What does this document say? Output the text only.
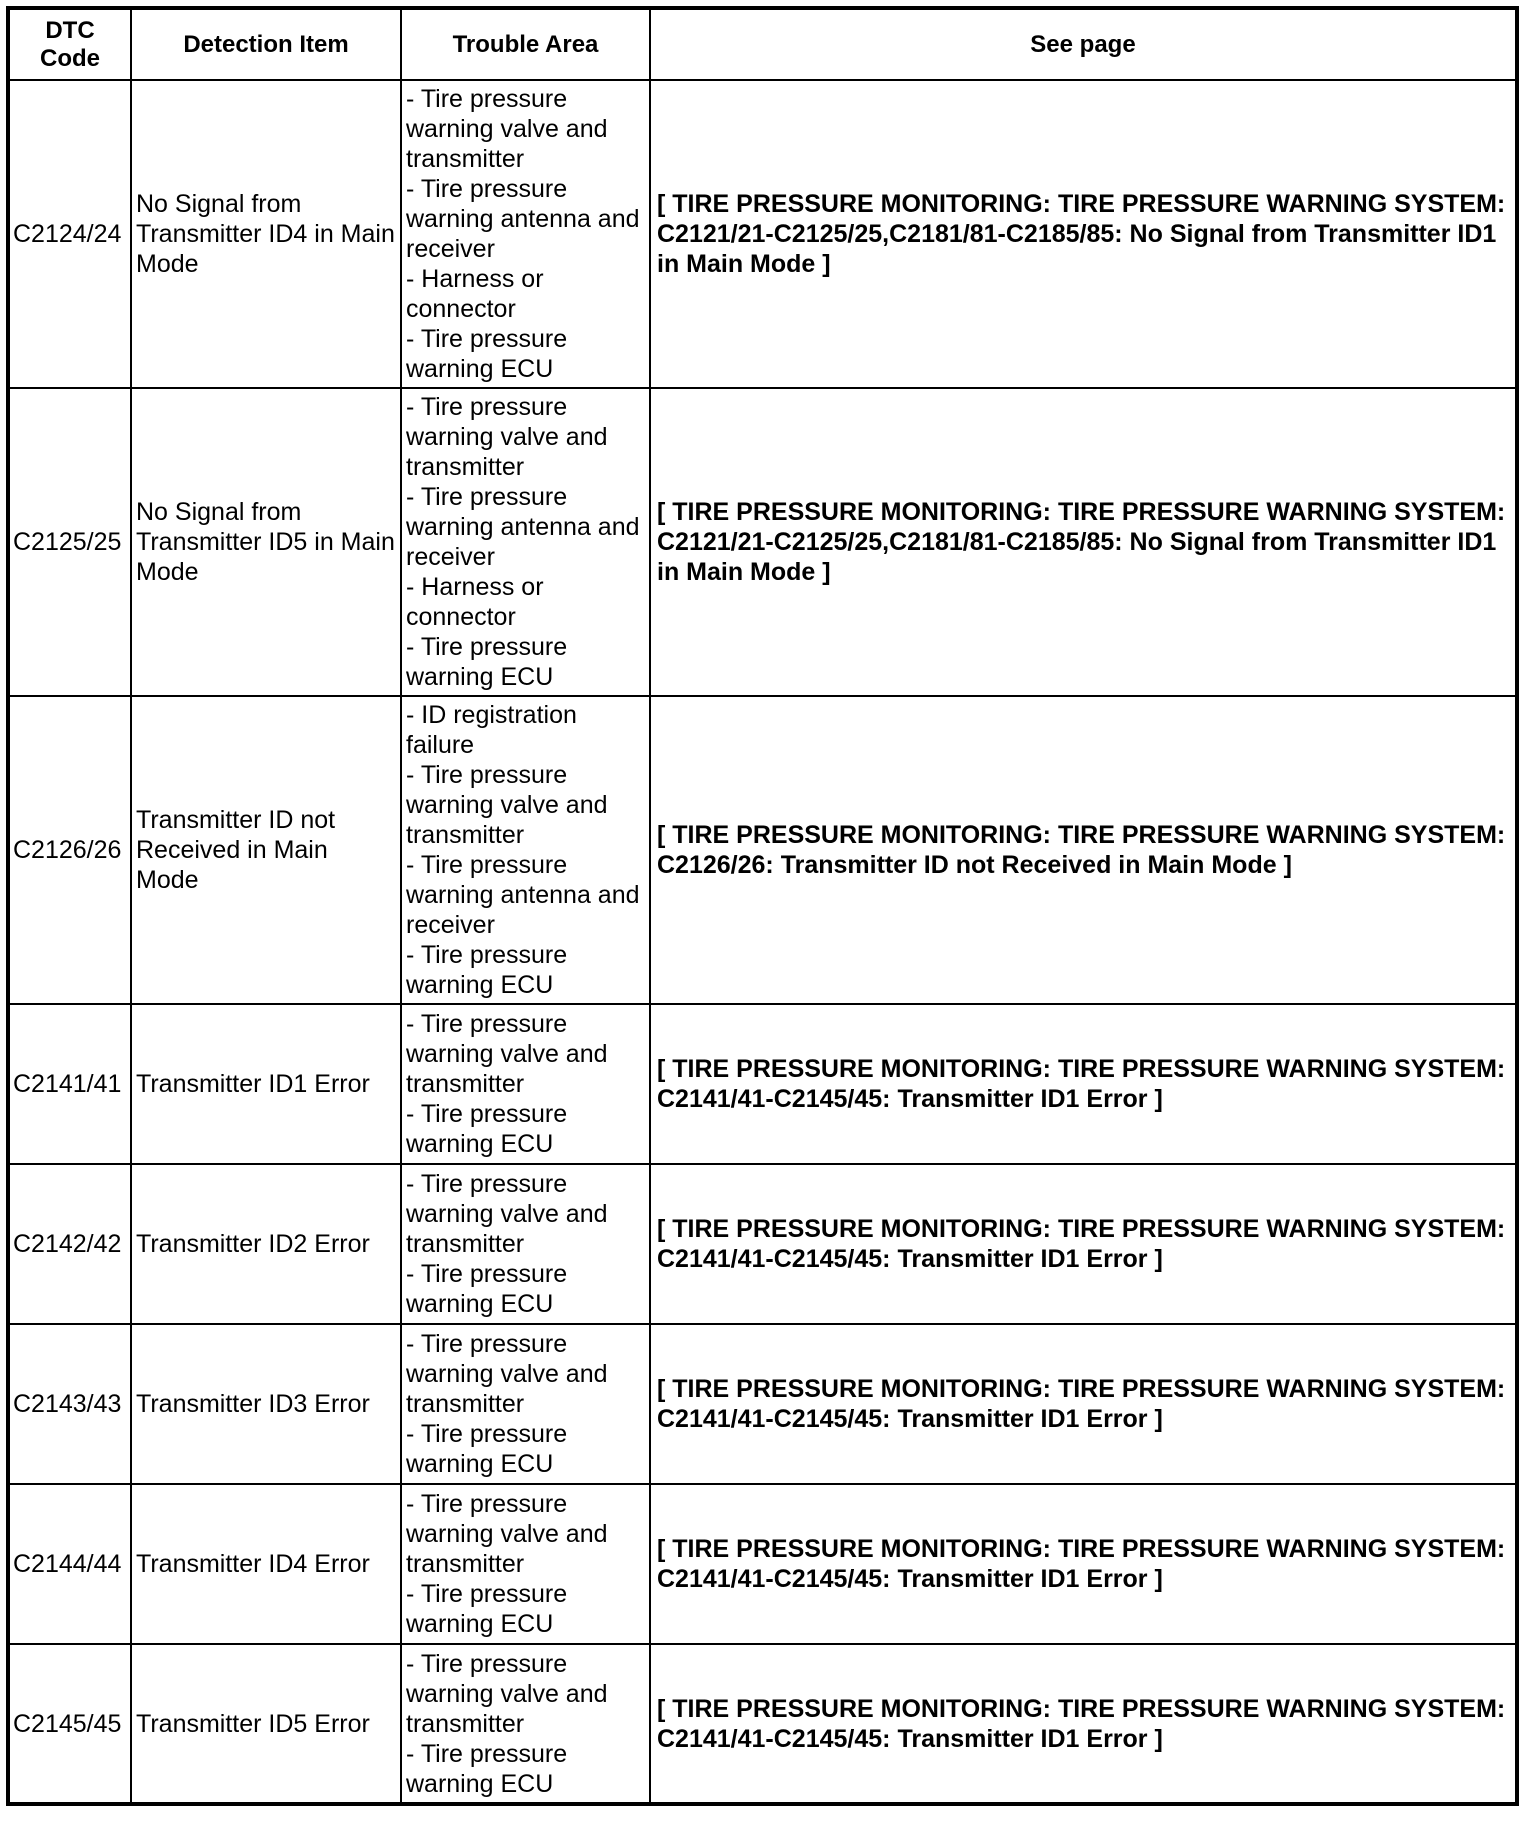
DTC Code	Detection Item	Trouble Area	See page
C2124/24	No Signal from Transmitter ID4 in Main Mode	- Tire pressure warning valve and transmitter
- Tire pressure warning antenna and receiver
- Harness or connector
- Tire pressure warning ECU	[ TIRE PRESSURE MONITORING: TIRE PRESSURE WARNING SYSTEM: C2121/21-C2125/25,C2181/81-C2185/85: No Signal from Transmitter ID1 in Main Mode ]
C2125/25	No Signal from Transmitter ID5 in Main Mode	- Tire pressure warning valve and transmitter
- Tire pressure warning antenna and receiver
- Harness or connector
- Tire pressure warning ECU	[ TIRE PRESSURE MONITORING: TIRE PRESSURE WARNING SYSTEM: C2121/21-C2125/25,C2181/81-C2185/85: No Signal from Transmitter ID1 in Main Mode ]
C2126/26	Transmitter ID not Received in Main Mode	- ID registration failure
- Tire pressure warning valve and transmitter
- Tire pressure warning antenna and receiver
- Tire pressure warning ECU	[ TIRE PRESSURE MONITORING: TIRE PRESSURE WARNING SYSTEM: C2126/26: Transmitter ID not Received in Main Mode ]
C2141/41	Transmitter ID1 Error	- Tire pressure warning valve and transmitter
- Tire pressure warning ECU	[ TIRE PRESSURE MONITORING: TIRE PRESSURE WARNING SYSTEM: C2141/41-C2145/45: Transmitter ID1 Error ]
C2142/42	Transmitter ID2 Error	- Tire pressure warning valve and transmitter
- Tire pressure warning ECU	[ TIRE PRESSURE MONITORING: TIRE PRESSURE WARNING SYSTEM: C2141/41-C2145/45: Transmitter ID1 Error ]
C2143/43	Transmitter ID3 Error	- Tire pressure warning valve and transmitter
- Tire pressure warning ECU	[ TIRE PRESSURE MONITORING: TIRE PRESSURE WARNING SYSTEM: C2141/41-C2145/45: Transmitter ID1 Error ]
C2144/44	Transmitter ID4 Error	- Tire pressure warning valve and transmitter
- Tire pressure warning ECU	[ TIRE PRESSURE MONITORING: TIRE PRESSURE WARNING SYSTEM: C2141/41-C2145/45: Transmitter ID1 Error ]
C2145/45	Transmitter ID5 Error	- Tire pressure warning valve and transmitter
- Tire pressure warning ECU	[ TIRE PRESSURE MONITORING: TIRE PRESSURE WARNING SYSTEM: C2141/41-C2145/45: Transmitter ID1 Error ]
